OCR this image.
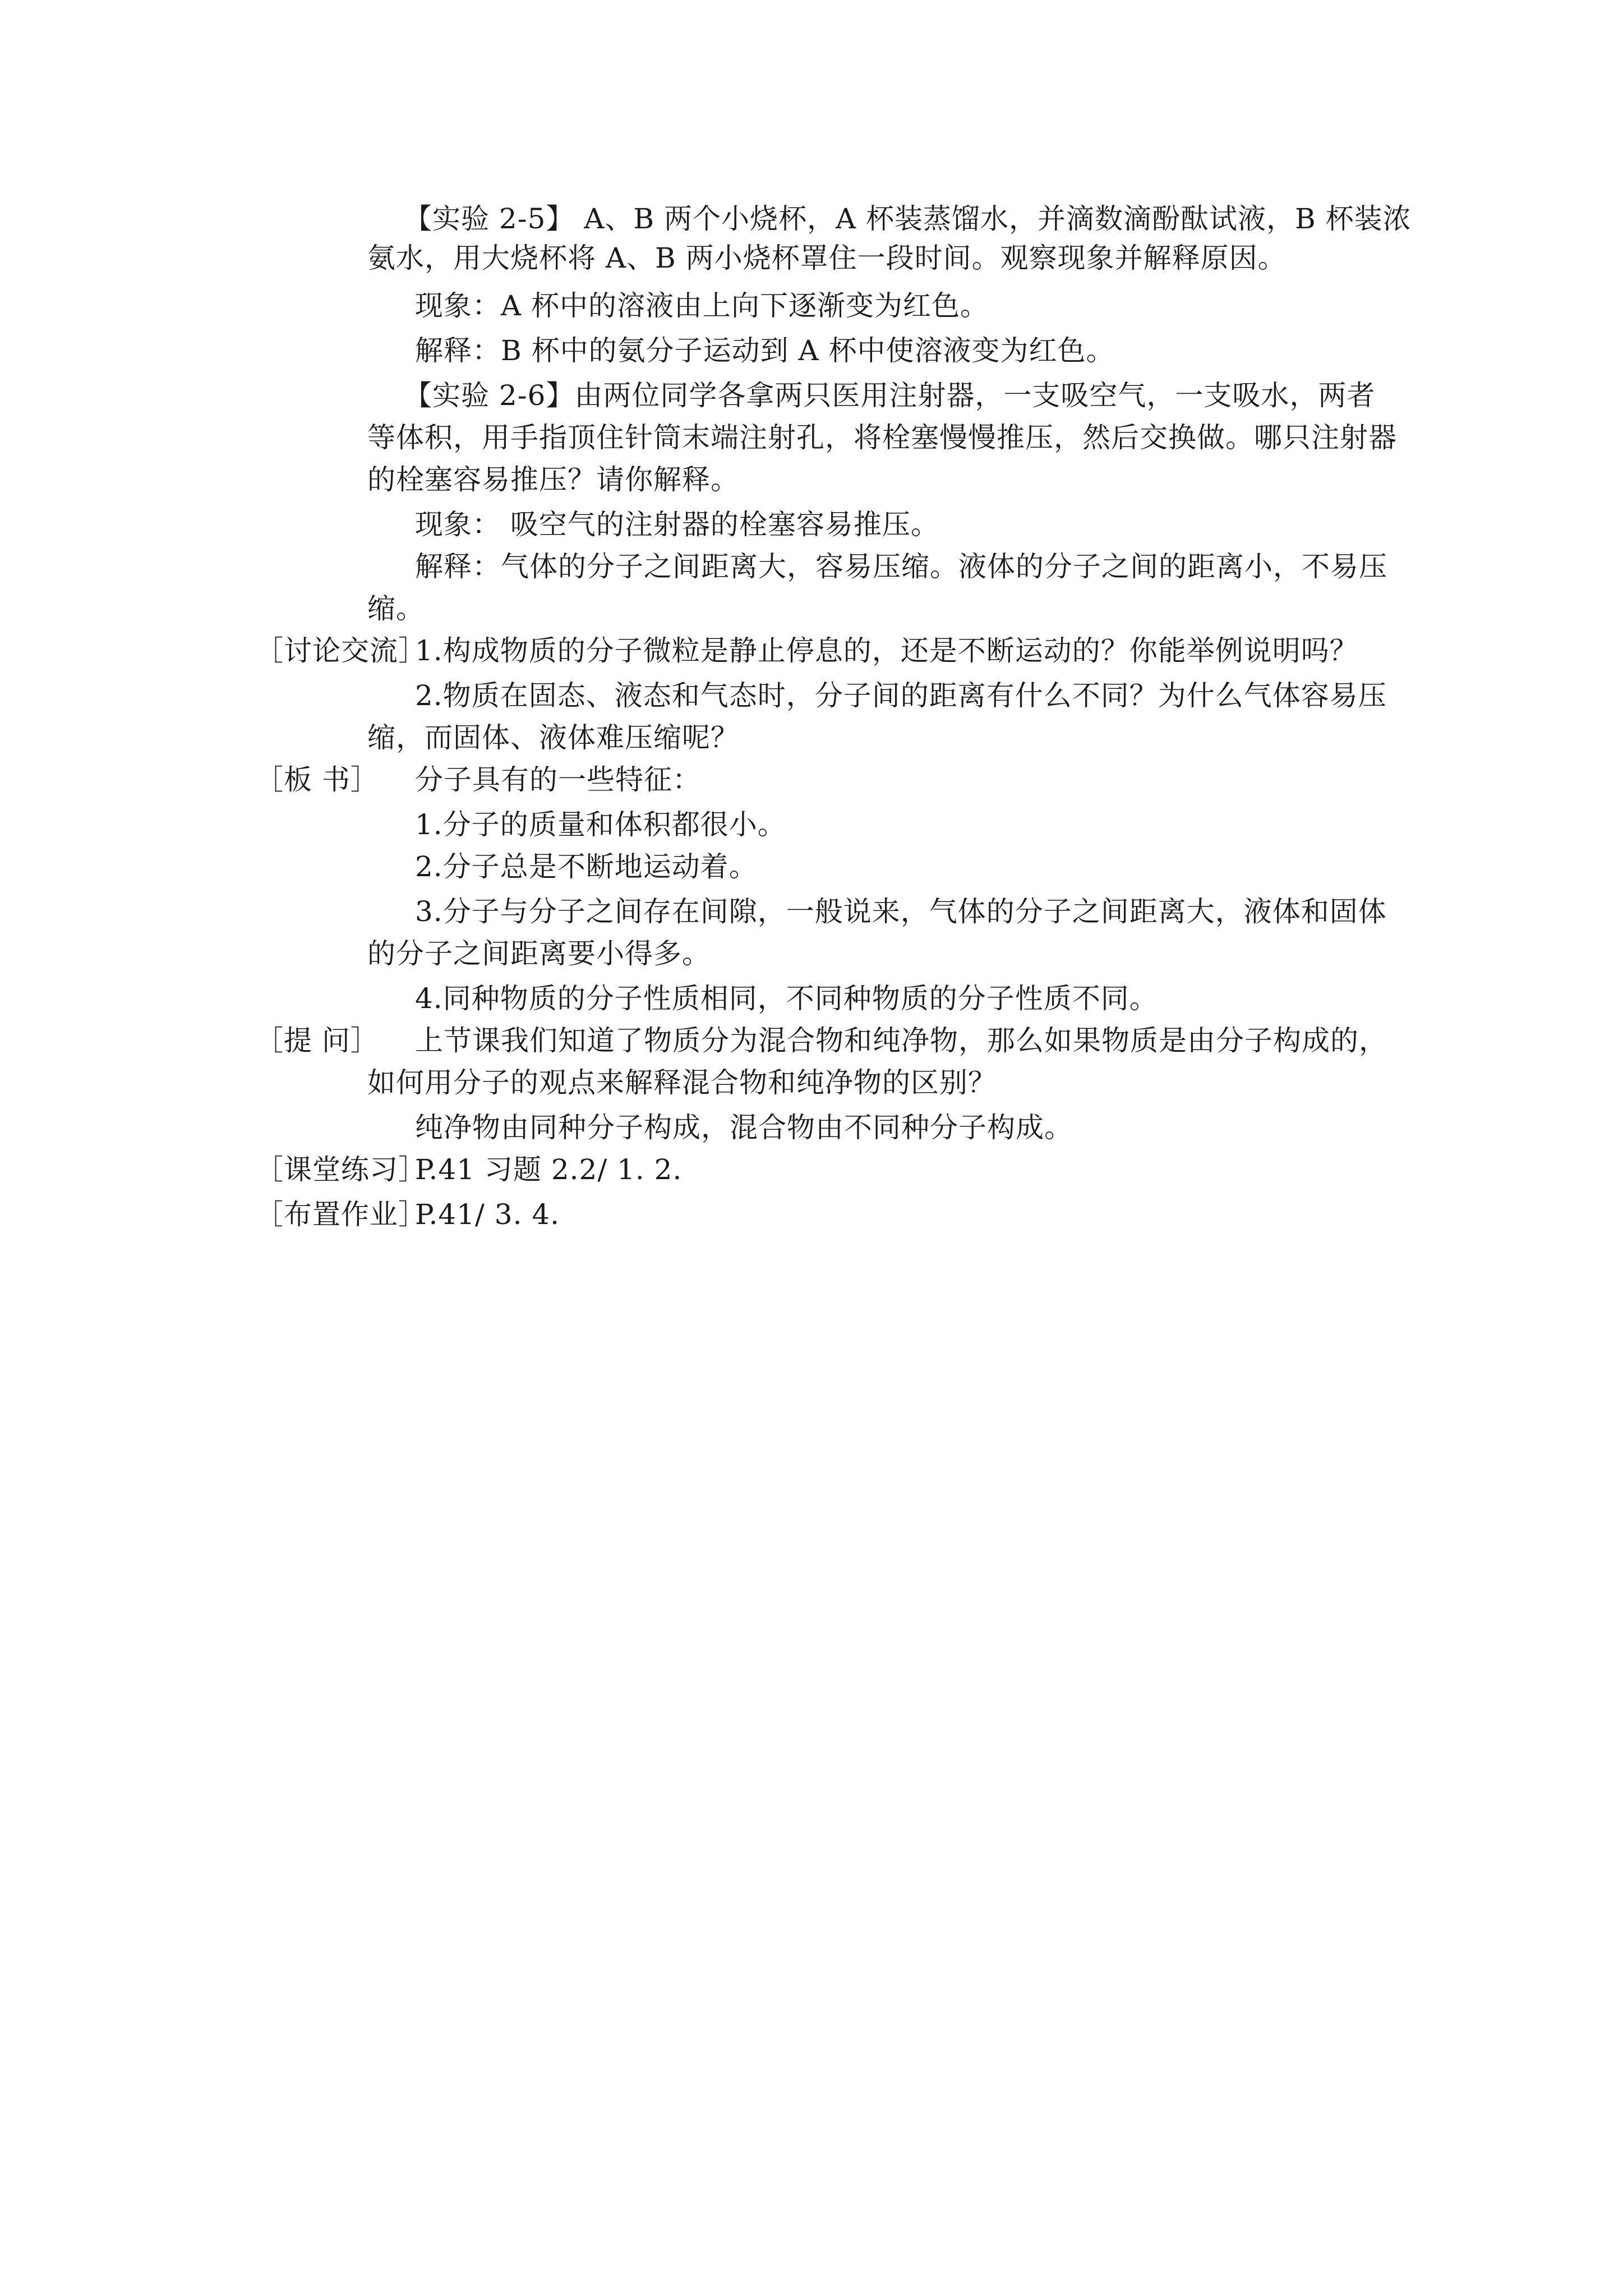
【实验 2-5】 A、B 两个小烧杯，A 杯装蒸馏水，并滴数滴酚酞试液，B 杯装浓
氨水，用大烧杯将 A、B 两小烧杯罩住一段时间。观察现象并解释原因。
现象：A 杯中的溶液由上向下逐渐变为红色。
解释：B 杯中的氨分子运动到 A 杯中使溶液变为红色。
【实验 2-6】由两位同学各拿两只医用注射器，一支吸空气，一支吸水，两者
等体积，用手指顶住针筒末端注射孔，将栓塞慢慢推压，然后交换做。哪只注射器
的栓塞容易推压？请你解释。
现象： 吸空气的注射器的栓塞容易推压。
解释：气体的分子之间距离大，容易压缩。液体的分子之间的距离小，不易压
缩。
［讨论交流］
1.构成物质的分子微粒是静止停息的，还是不断运动的？你能举例说明吗？
2.物质在固态、液态和气态时，分子间的距离有什么不同？为什么气体容易压
缩，而固体、液体难压缩呢？
［板 书］ 分子具有的一些特征：
1.分子的质量和体积都很小。
2.分子总是不断地运动着。
3.分子与分子之间存在间隙，一般说来，气体的分子之间距离大，液体和固体
的分子之间距离要小得多。
4.同种物质的分子性质相同，不同种物质的分子性质不同。
［提 问］ 上节课我们知道了物质分为混合物和纯净物，那么如果物质是由分子构成的，
如何用分子的观点来解释混合物和纯净物的区别？
纯净物由同种分子构成，混合物由不同种分子构成。
［课堂练习］
P.41 习题 2.2/ 1. 2.
［布置作业］
P.41/ 3. 4.
